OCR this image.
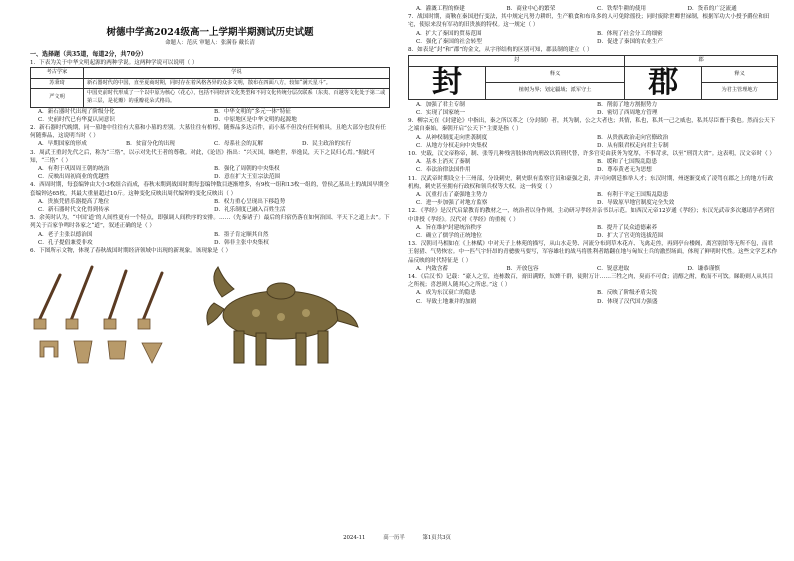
树德中学高2024级高一上学期半期测试历史试题
命题人：范庆 审题人：张满春 戴长清
一、选择题（共35道，每道2分，共70分）

1．下表为关于中华文明起源的两种学说。这两种学说可以说明（ ）

考古学家	学说
苏秉琦	新石器时代的中国，直至夏商时期，同时存在着风格各异的众多文明，散布在四面八方，较如“满天星斗”。
严文明	中国史前时代形成了一个以中原为核心（花心），包括不同经济文化类型和不同文化传统分层次联系（东夷、百越等文化处于第二或第三层，是花瓣）的重瓣花朵式格局。
A．新石器时代出现了阶级分化	B．中华文明的“多元一体”特征
C．史前时代已有华夏认同意识	D．中原地区是中华文明的起源地

2．新石器时代晚期，同一墓地中往往有大墓和小墓的差别。大墓往往有棺椁，随葬品多达百件，而小墓不但没有任何棺具，且绝大部分也没有任何随葬品，这说明当时（ ）

A．早期国家的形成	B．贫富分化的出现	C．母系社会的瓦解	D．民主政治的实行

3．周武王重封先代之后，称为“三恪”，以示对先代王者的尊敬。对此，《论语》指出：“兴灭国，继绝世，举逸民，天下之民归心焉。”据此可知，“三恪”（ ）

A．有利于巩固周王朝的统治	B．强化了周朝的中央集权
C．反映出周初商业的优越性	D．意在扩大王室宗法范围

4．西周时期，每套编钟由大小3枚组合而成，春秋末期到战国时期每套编钟数目逐渐增多，有9枚一组和13枚一组的，曾侯乙墓出土的战国早期全套编钟达65枚，其最大重量超过10斤。这种变化反映出周代编钟的变化反映出（ ）

A．贵族凭借乐器提高了地位	B．权力重心呈现出下移趋势
C．新石器时代文化得到传承	D．礼乐制度已融入百姓生活

5．余英时认为，“中国‘道’的人间性更有一个特点，即强调人间秩序的安排。……（先秦诸子）最后的归宿仍落在如何治国、平天下之道上去”。下列关于百家争鸣时各家之“道”，叙述正确的是（ ）

A．老子主张以德治国	B．墨子肯定顺其自然
C．孔子提倡兼爱非攻	D．韩非主张中央集权

6．下图所示文物，体现了春秋战国时期经济领域中出现的新现象。该现象是（ ）

A．灌溉工程的修建	B．商业中心的繁荣	C．铁犁牛耕的使用	D．货币的广泛流通

7．战国时期，商鞅在秦国进行变法，其中规定凡努力耕织，生产粮食和布帛多的人可免除徭役；同时废除世卿世禄制，根据军功大小授予爵位和田宅，使原来没有军功的旧贵族的特权。这一规定（ ）

A．扩大了秦国的贸易范围	B．体现了社会分工的细密
C．强化了秦国的社会转型	D．促进了秦国的农业生产

8．如表是“封”和“郡”的金文，从字形结构的区别可知，郡县制的建立（ ）

封		郡	
封	释义	郡	释义
	植树为界；划定疆域；派军守土		为君主管理地方
A．加强了君主专制	B．削弱了地方割据势力
C．实现了国家统一	D．密切了西周地方管理

9．柳宗元在《封建论》中指出，秦之所以革之（分封制）者，其为制，公之大者也；其情，私也，私其一己之威也，私其尽臣畜于我也。然而公天下之端自秦始。秦朝开启“公天下”主要是指（ ）

A．从神权制度走向世袭制度	B．从贵族政治走向官僚政治
C．从地方分权走向中央集权	D．从有限君权走向君主专制

10．史载，汉文帝称帝，制、张等几种残害肢体的肉刑改以笞刑代替，许多官吏由获务为宽厚，不事苛求，以至“刑罚大省”。这表明，汉文帝时（ ）

A．基本上消灭了秦制	B．缓和了七国叛乱隐患
C．奉法治律法国作用	D．尊奉黄老无为思想

11．汉武帝时期设立十三州部，分设刺史，刺史职有监察官员和豪强之责，并可向朝廷推举人才；东汉时期，州逐渐变成了凌驾在郡之上的地方行政机构，刺史甚至拥有行政权和领兵权等大权。这一转变（ ）

A．沉重打击了豪强地主势力	B．有利于平定王国叛乱隐患
C．进一步加强了对地方监察	D．导致原早地官制度完全失效

12．《孝经》是汉代启蒙教育的教材之一，统治者以身作则，主动研习孝经并亲书以示范。如西汉元帝12岁通《孝经》；东汉光武帝多次邀请学者到宫中讲授《孝经》。汉代对《孝经》的重视（ ）

A．旨在维护封建统治秩序	B．提升了民众道德素养
C．确立了儒学的正统地位	D．扩大了官吏的选拔范围

13．汉朝司马相如在《上林赋》中对天子上林苑的描写，从山水走势、河流分布到草木花卉、飞禽走兽，再到亭台楼阁，离宫别馆等无所不包，而君王射猎、气势恢宏。中一匹气宇轩昂的青骢骏马要写，军容雄壮的战马将胜利者踏翻在地与匈奴士兵的激烈场面，体现了鲜明时代性。这些文学艺术作品反映的时代特征是（ ）

A．内敛含蓄	B．开放包容	C．锐意进取	D．谦恭谨慎

14．《后汉书》记载：“豪人之室，连栋数百，膏田满野，奴婢千群，徒附万计……三牲之肉，臭而不可食；清醇之酎，败而不可饮。睇盼则人从其目之所视；喜怒则人随其心之所虑。”这（ ）

A．成为东汉衰亡的隐患	B．反映了阶级矛盾尖锐
C．导致土地兼并的加剧	D．体现了汉代国力强盛
2024-11	高一历半	第1页共3页
